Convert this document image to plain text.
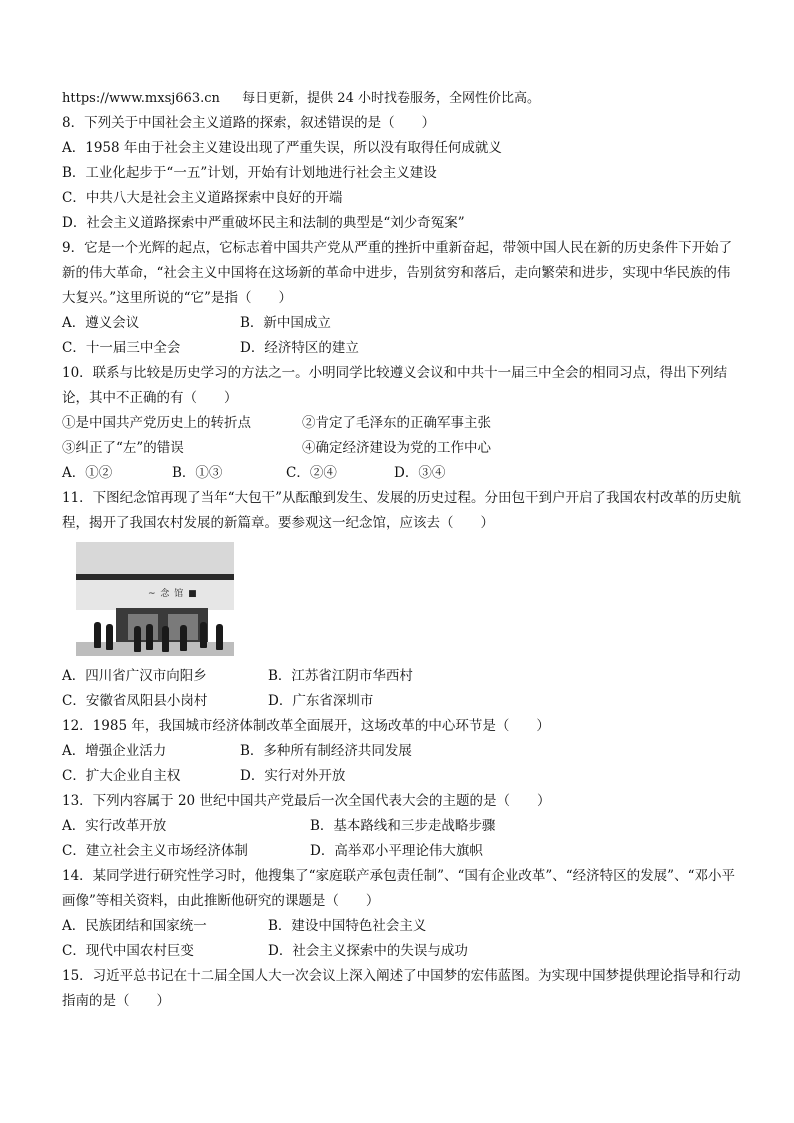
https://www.mxsj663.cn 每日更新，提供 24 小时找卷服务，全网性价比高。
8．下列关于中国社会主义道路的探索，叙述错误的是（　　）
A．1958 年由于社会主义建设出现了严重失误，所以没有取得任何成就义
B．工业化起步于“一五”计划，开始有计划地进行社会主义建设
C．中共八大是社会主义道路探索中良好的开端
D．社会主义道路探索中严重破坏民主和法制的典型是“刘少奇冤案”
9．它是一个光辉的起点，它标志着中国共产党从严重的挫折中重新奋起，带领中国人民在新的历史条件下开始了新的伟大革命，“社会主义中国将在这场新的革命中进步，告别贫穷和落后，走向繁荣和进步，实现中华民族的伟大复兴。”这里所说的“它”是指（　　）
A．遵义会议	B．新中国成立
C．十一届三中全会	D．经济特区的建立
10．联系与比较是历史学习的方法之一。小明同学比较遵义会议和中共十一届三中全会的相同习点，得出下列结论，其中不正确的有（　　）
①是中国共产党历史上的转折点	②肯定了毛泽东的正确军事主张
③纠正了“左”的错误	④确定经济建设为党的工作中心
A．①②	B．①③	C．②④	D．③④
11．下图纪念馆再现了当年“大包干”从酝酿到发生、发展的历史过程。分田包干到户开启了我国农村改革的历史航程，揭开了我国农村发展的新篇章。要参观这一纪念馆，应该去（　　）
~ 念 馆 ■
A．四川省广汉市向阳乡	B．江苏省江阴市华西村
C．安徽省凤阳县小岗村	D．广东省深圳市
12．1985 年，我国城市经济体制改革全面展开，这场改革的中心环节是（　　）
A．增强企业活力	B．多种所有制经济共同发展
C．扩大企业自主权	D．实行对外开放
13．下列内容属于 20 世纪中国共产党最后一次全国代表大会的主题的是（　　）
A．实行改革开放	B．基本路线和三步走战略步骤
C．建立社会主义市场经济体制	D．高举邓小平理论伟大旗帜
14．某同学进行研究性学习时，他搜集了“家庭联产承包责任制”、“国有企业改革”、“经济特区的发展”、“邓小平画像”等相关资料，由此推断他研究的课题是（　　）
A．民族团结和国家统一	B．建设中国特色社会主义
C．现代中国农村巨变	D．社会主义探索中的失误与成功
15．习近平总书记在十二届全国人大一次会议上深入阐述了中国梦的宏伟蓝图。为实现中国梦提供理论指导和行动指南的是（　　）
